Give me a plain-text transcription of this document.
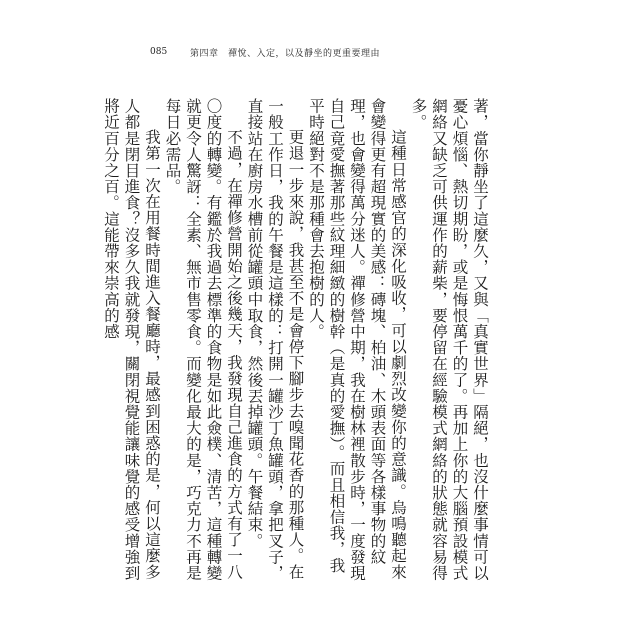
085	第四章　禪悅、入定，以及靜坐的更重要理由

著，當你靜坐了這麼久，又與「真實世界」隔絕，也沒什麼事情可以憂心煩惱、熱切期盼，或是悔恨萬千的了。再加上你的大腦預設模式網絡又缺乏可供運作的薪柴，要停留在經驗模式網絡的狀態就容易得多。

這種日常感官的深化吸收，可以劇烈改變你的意識。烏鳴聽起來會變得更有超現實的美感：磚塊、柏油、木頭表面等各樣事物的紋理，也會變得萬分迷人。禪修營中期，我在樹林裡散步時，一度發現自己竟愛撫著那些紋理細緻的樹幹（是真的愛撫）。而且相信我，我平時絕對不是那種會去抱樹的人。

更退一步來說，我甚至不是會停下腳步去嗅聞花香的那種人。在一般工作日，我的午餐是這樣的：打開一罐沙丁魚罐頭，拿把叉子，直接站在廚房水槽前從罐頭中取食，然後丟掉罐頭。午餐結束。

不過，在禪修營開始之後幾天，我發現自己進食的方式有了一八〇度的轉變。有鑑於我過去標準的食物是如此僉樸、清苦，這種轉變就更令人驚訝：全素、無市售零食。而變化最大的是，巧克力不再是每日必需品。

我第一次在用餐時間進入餐廳時，最感到困惑的是，何以這麼多人都是閉目進食？沒多久我就發現，關閉視覺能讓味覺的感受增強到將近百分之百。這能帶來崇高的感
